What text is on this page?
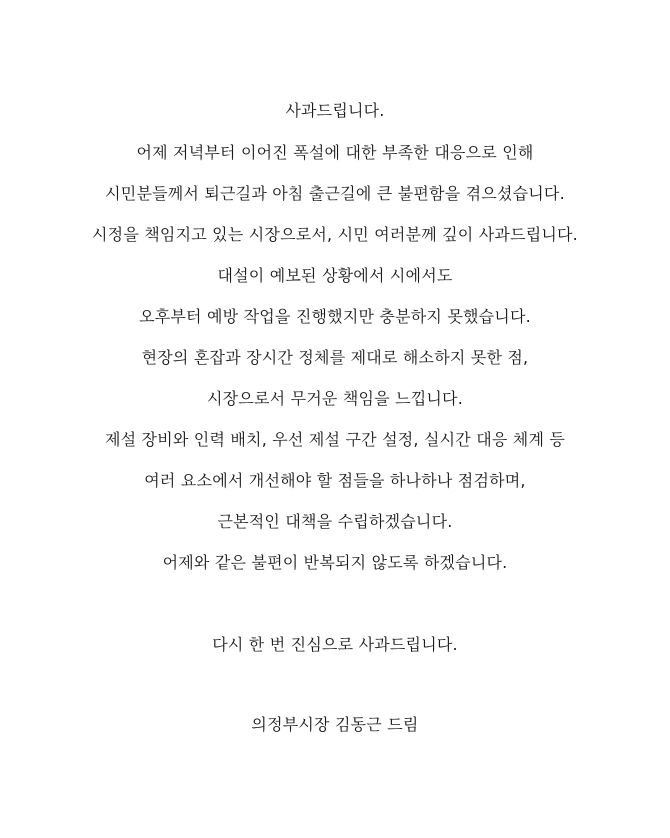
사과드립니다.
어제 저녁부터 이어진 폭설에 대한 부족한 대응으로 인해
시민분들께서 퇴근길과 아침 출근길에 큰 불편함을 겪으셨습니다.
시정을 책임지고 있는 시장으로서, 시민 여러분께 깊이 사과드립니다.
대설이 예보된 상황에서 시에서도
오후부터 예방 작업을 진행했지만 충분하지 못했습니다.
현장의 혼잡과 장시간 정체를 제대로 해소하지 못한 점,
시장으로서 무거운 책임을 느낍니다.
제설 장비와 인력 배치, 우선 제설 구간 설정, 실시간 대응 체계 등
여러 요소에서 개선해야 할 점들을 하나하나 점검하며,
근본적인 대책을 수립하겠습니다.
어제와 같은 불편이 반복되지 않도록 하겠습니다.
다시 한 번 진심으로 사과드립니다.
의정부시장 김동근 드림
